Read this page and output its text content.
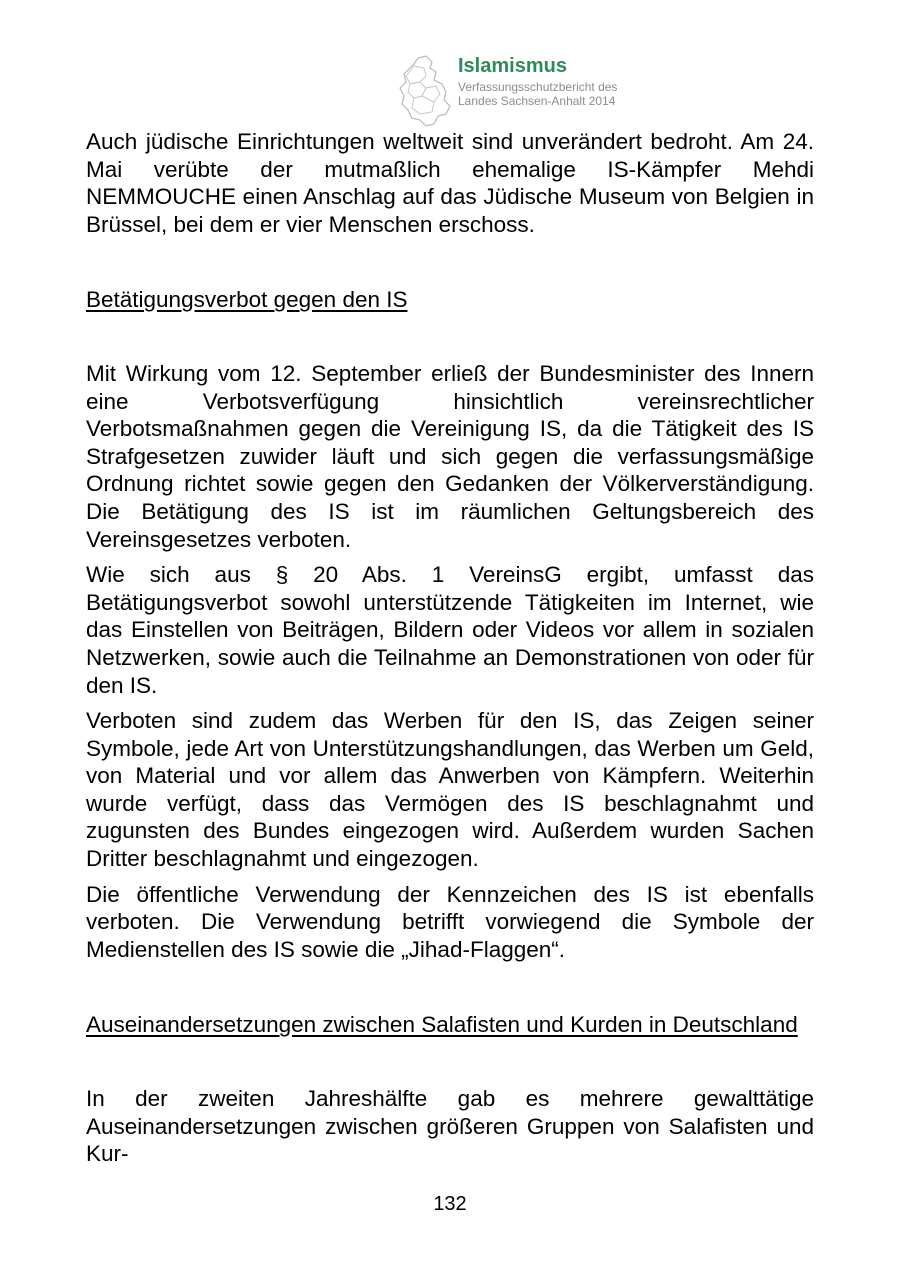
Islamismus
Verfassungsschutzbericht des
Landes Sachsen-Anhalt 2014

Auch jüdische Einrichtungen weltweit sind unverändert bedroht. Am 24. Mai verübte der mutmaßlich ehemalige IS-Kämpfer Mehdi NEMMOUCHE einen Anschlag auf das Jüdische Museum von Belgien in Brüssel, bei dem er vier Menschen erschoss.

Betätigungsverbot gegen den IS

Mit Wirkung vom 12. September erließ der Bundesminister des Innern eine Verbotsverfügung hinsichtlich vereinsrechtlicher Verbotsmaßnahmen gegen die Vereinigung IS, da die Tätigkeit des IS Strafgesetzen zuwider läuft und sich gegen die verfassungsmäßige Ordnung richtet sowie gegen den Gedanken der Völkerverständigung. Die Betätigung des IS ist im räumlichen Geltungsbereich des Vereinsgesetzes verboten.

Wie sich aus § 20 Abs. 1 VereinsG ergibt, umfasst das Betätigungsverbot sowohl unterstützende Tätigkeiten im Internet, wie das Einstellen von Beiträgen, Bildern oder Videos vor allem in sozialen Netzwerken, sowie auch die Teilnahme an Demonstrationen von oder für den IS.

Verboten sind zudem das Werben für den IS, das Zeigen seiner Symbole, jede Art von Unterstützungshandlungen, das Werben um Geld, von Material und vor allem das Anwerben von Kämpfern. Weiterhin wurde verfügt, dass das Vermögen des IS beschlagnahmt und zugunsten des Bundes eingezogen wird. Außerdem wurden Sachen Dritter beschlagnahmt und eingezogen.

Die öffentliche Verwendung der Kennzeichen des IS ist ebenfalls verboten. Die Verwendung betrifft vorwiegend die Symbole der Medienstellen des IS sowie die „Jihad-Flaggen“.

Auseinandersetzungen zwischen Salafisten und Kurden in Deutschland

In der zweiten Jahreshälfte gab es mehrere gewalttätige Auseinandersetzungen zwischen größeren Gruppen von Salafisten und Kur-

132
